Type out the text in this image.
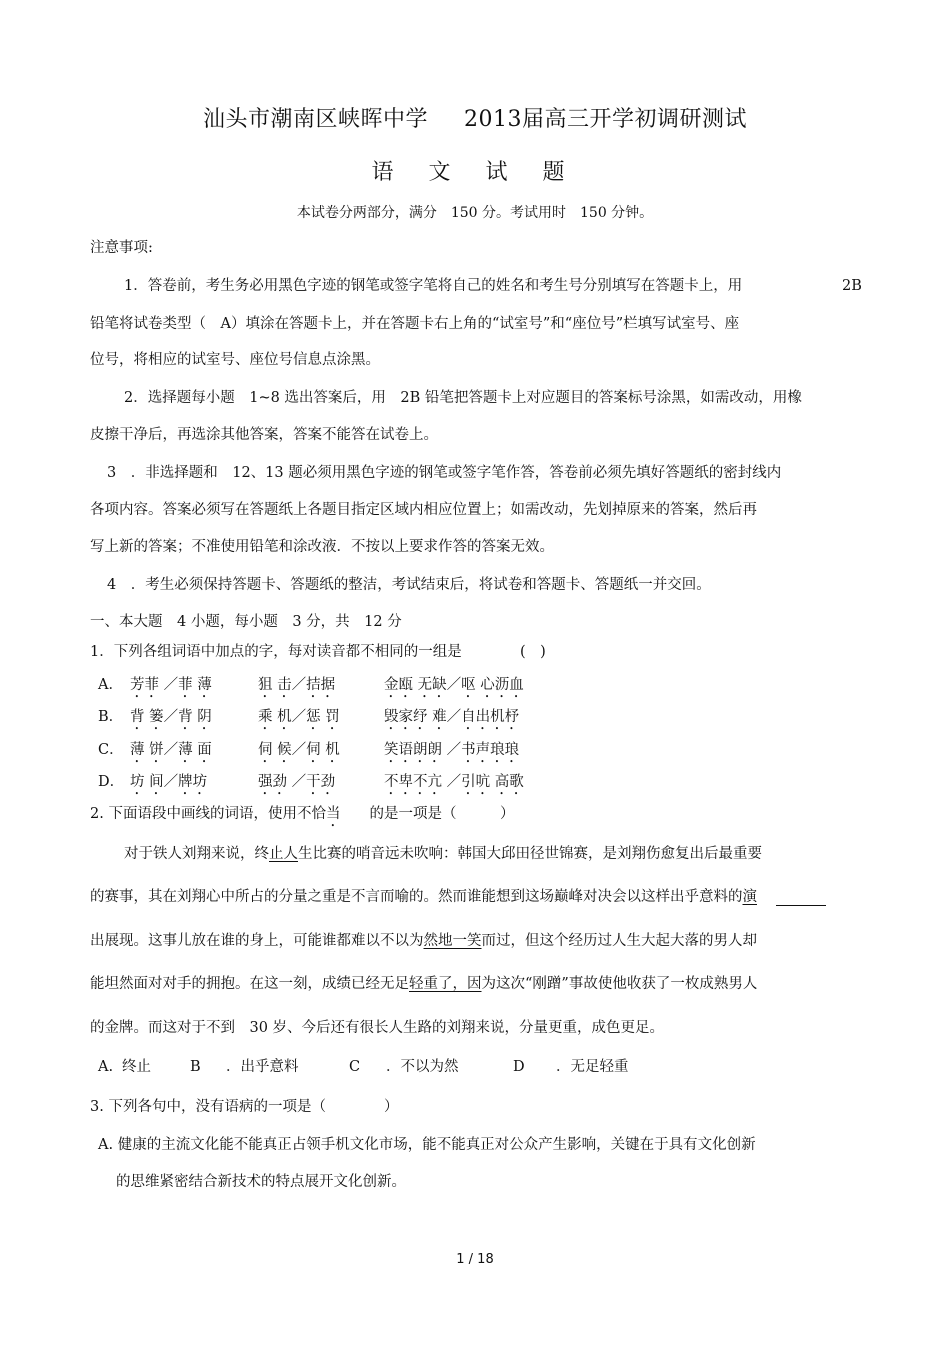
汕头市潮南区峡晖中学 2013届高三开学初调研测试
语 文 试 题
本试卷分两部分，满分　150 分。考试用时　150 分钟。
注意事项:
1．答卷前，考生务必用黑色字迹的钢笔或签字笔将自己的姓名和考生号分别填写在答题卡上，用	2B
铅笔将试卷类型（　A）填涂在答题卡上，并在答题卡右上角的“试室号”和“座位号”栏填写试室号、座
位号，将相应的试室号、座位号信息点涂黑。
2．选择题每小题　1~8 选出答案后，用　2B 铅笔把答题卡上对应题目的答案标号涂黑，如需改动，用橡
皮擦干净后，再选涂其他答案，答案不能答在试卷上。
3　．非选择题和　12、13 题必须用黑色字迹的钢笔或签字笔作答，答卷前必须先填好答题纸的密封线内
各项内容。答案必须写在答题纸上各题目指定区域内相应位置上；如需改动，先划掉原来的答案，然后再
写上新的答案；不准使用铅笔和涂改液．不按以上要求作答的答案无效。
4　．考生必须保持答题卡、答题纸的整洁，考试结束后，将试卷和答题卡、答题纸一并交回。
一、本大题　4 小题，每小题　3 分，共　12 分
1．下列各组词语中加点的字，每对读音都不相同的一组是	(　)
A． 芳菲 ／菲 薄	狙 击／拮据	金瓯 无缺／呕 心沥血
B． 背 篓／背 阴	乘 机／惩 罚	毁家纾 难／自出机杼
C． 薄 饼／薄 面	伺 候／伺 机	笑语朗朗 ／书声琅琅
D． 坊 间／牌坊	强劲 ／干劲	不卑不亢 ／引吭 高歌
2. 下面语段中画线的词语，使用不恰当　　 的是一项是（　　　）
对于铁人刘翔来说，终止人生比赛的哨音远未吹响：韩国大邱田径世锦赛，是刘翔伤愈复出后最重要
的赛事，其在刘翔心中所占的分量之重是不言而喻的。然而谁能想到这场巅峰对决会以这样出乎意料的演
出展现。这事儿放在谁的身上，可能谁都难以不以为然地一笑而过，但这个经历过人生大起大落的男人却
能坦然面对对手的拥抱。在这一刻，成绩已经无足轻重了，因为这次“刚蹭”事故使他收获了一枚成熟男人
的金牌。而这对于不到　30 岁、今后还有很长人生路的刘翔来说，分量更重，成色更足。
A. 终止	B ．出乎意料	C ．不以为然	D ．无足轻重
3. 下列各句中，没有语病的一项是（　　　　）
A. 健康的主流文化能不能真正占领手机文化市场，能不能真正对公众产生影响，关键在于具有文化创新
的思维紧密结合新技术的特点展开文化创新。
1 / 18
